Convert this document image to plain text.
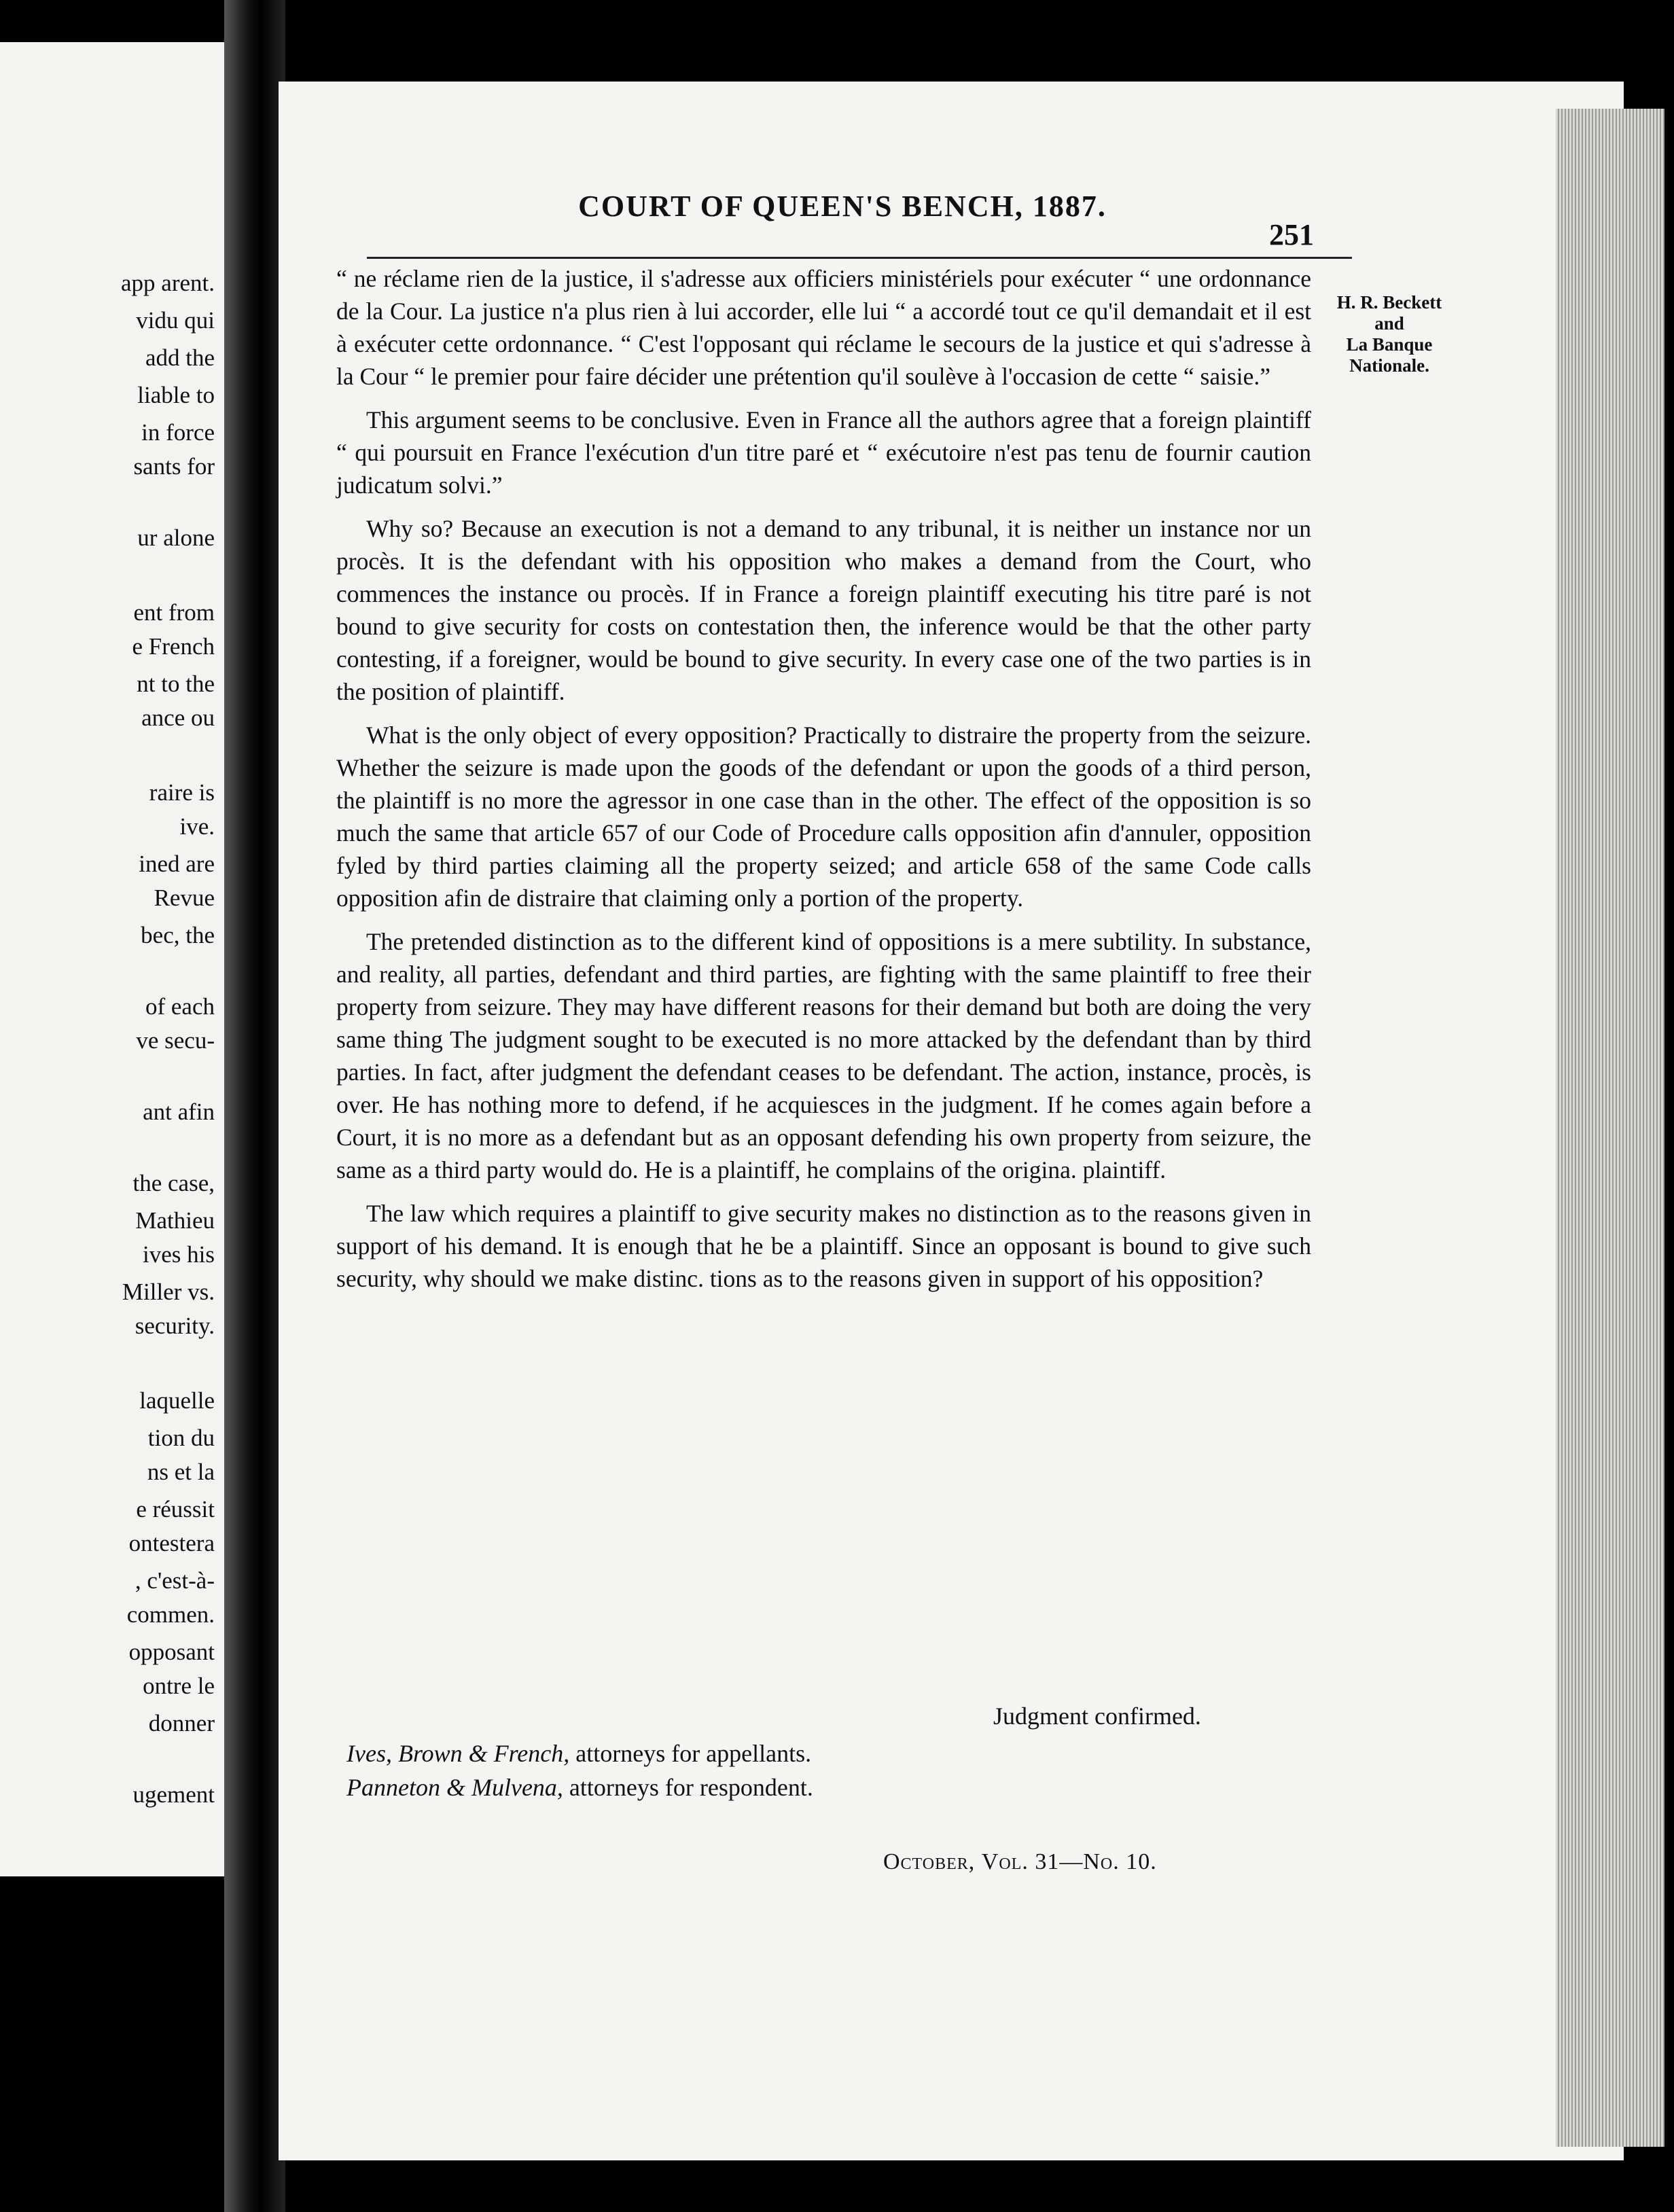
app arent.
vidu qui
add the
liable to
in force
sants for
ur alone
ent from
e French
nt to the
ance ou
raire is
ive.
ined are
Revue
bec, the
of each
ve secu-
ant afin
the case,
Mathieu
ives his
Miller vs.
security.
laquelle
tion du
ns et la
e réussit
ontestera
, c'est-à-
commen.
opposant
ontre le
donner
ugement
COURT OF QUEEN'S BENCH, 1887.
251
H. R. Beckett
and
La Banque
Nationale.

“ ne réclame rien de la justice, il s'adresse aux officiers ministériels pour exécuter “ une ordonnance de la Cour. La justice n'a plus rien à lui accorder, elle lui “ a accordé tout ce qu'il demandait et il est à exécuter cette ordonnance. “ C'est l'opposant qui réclame le secours de la justice et qui s'adresse à la Cour “ le premier pour faire décider une prétention qu'il soulève à l'occasion de cette “ saisie.”

This argument seems to be conclusive. Even in France all the authors agree that a foreign plaintiff “ qui poursuit en France l'exécution d'un titre paré et “ exécutoire n'est pas tenu de fournir caution judicatum solvi.”

Why so? Because an execution is not a demand to any tribunal, it is neither un instance nor un procès. It is the defendant with his opposition who makes a demand from the Court, who commences the instance ou procès. If in France a foreign plaintiff executing his titre paré is not bound to give security for costs on contestation then, the inference would be that the other party contesting, if a foreigner, would be bound to give security. In every case one of the two parties is in the position of plaintiff.

What is the only object of every opposition? Practically to distraire the property from the seizure. Whether the seizure is made upon the goods of the defendant or upon the goods of a third person, the plaintiff is no more the agressor in one case than in the other. The effect of the opposition is so much the same that article 657 of our Code of Procedure calls opposition afin d'annuler, opposition fyled by third parties claiming all the property seized; and article 658 of the same Code calls opposition afin de distraire that claiming only a portion of the property.

The pretended distinction as to the different kind of oppositions is a mere subtility. In substance, and reality, all parties, defendant and third parties, are fighting with the same plaintiff to free their property from seizure. They may have different reasons for their demand but both are doing the very same thing The judgment sought to be executed is no more attacked by the defendant than by third parties. In fact, after judgment the defendant ceases to be defendant. The action, instance, procès, is over. He has nothing more to defend, if he acquiesces in the judgment. If he comes again before a Court, it is no more as a defendant but as an opposant defending his own property from seizure, the same as a third party would do. He is a plaintiff, he complains of the origina. plaintiff.

The law which requires a plaintiff to give security makes no distinction as to the reasons given in support of his demand. It is enough that he be a plaintiff. Since an opposant is bound to give such security, why should we make distinc. tions as to the reasons given in support of his opposition?

Judgment confirmed.
Ives, Brown & French, attorneys for appellants.
Panneton & Mulvena, attorneys for respondent.
October, Vol. 31—No. 10.
